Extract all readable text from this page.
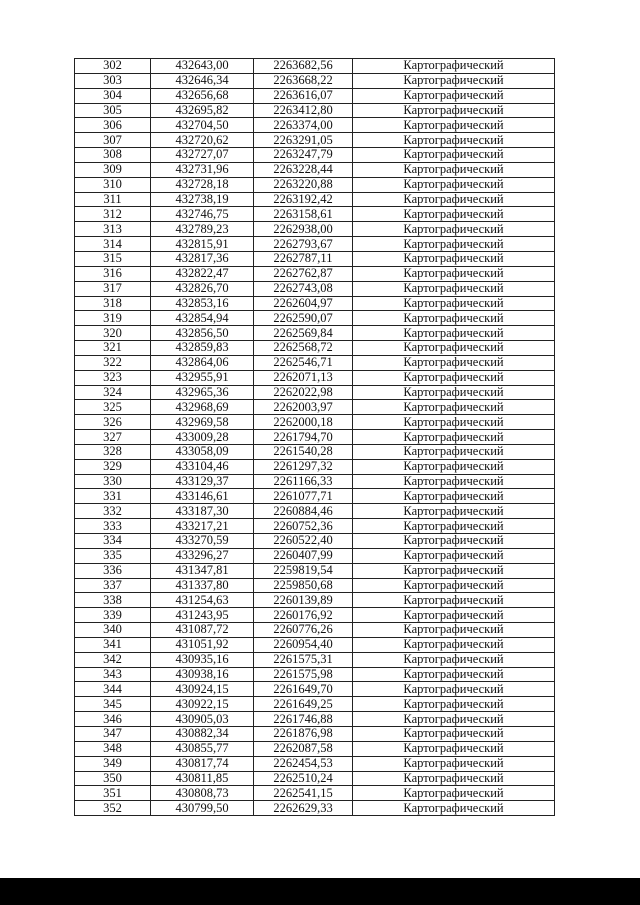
302	432643,00	2263682,56	Картографический
303	432646,34	2263668,22	Картографический
304	432656,68	2263616,07	Картографический
305	432695,82	2263412,80	Картографический
306	432704,50	2263374,00	Картографический
307	432720,62	2263291,05	Картографический
308	432727,07	2263247,79	Картографический
309	432731,96	2263228,44	Картографический
310	432728,18	2263220,88	Картографический
311	432738,19	2263192,42	Картографический
312	432746,75	2263158,61	Картографический
313	432789,23	2262938,00	Картографический
314	432815,91	2262793,67	Картографический
315	432817,36	2262787,11	Картографический
316	432822,47	2262762,87	Картографический
317	432826,70	2262743,08	Картографический
318	432853,16	2262604,97	Картографический
319	432854,94	2262590,07	Картографический
320	432856,50	2262569,84	Картографический
321	432859,83	2262568,72	Картографический
322	432864,06	2262546,71	Картографический
323	432955,91	2262071,13	Картографический
324	432965,36	2262022,98	Картографический
325	432968,69	2262003,97	Картографический
326	432969,58	2262000,18	Картографический
327	433009,28	2261794,70	Картографический
328	433058,09	2261540,28	Картографический
329	433104,46	2261297,32	Картографический
330	433129,37	2261166,33	Картографический
331	433146,61	2261077,71	Картографический
332	433187,30	2260884,46	Картографический
333	433217,21	2260752,36	Картографический
334	433270,59	2260522,40	Картографический
335	433296,27	2260407,99	Картографический
336	431347,81	2259819,54	Картографический
337	431337,80	2259850,68	Картографический
338	431254,63	2260139,89	Картографический
339	431243,95	2260176,92	Картографический
340	431087,72	2260776,26	Картографический
341	431051,92	2260954,40	Картографический
342	430935,16	2261575,31	Картографический
343	430938,16	2261575,98	Картографический
344	430924,15	2261649,70	Картографический
345	430922,15	2261649,25	Картографический
346	430905,03	2261746,88	Картографический
347	430882,34	2261876,98	Картографический
348	430855,77	2262087,58	Картографический
349	430817,74	2262454,53	Картографический
350	430811,85	2262510,24	Картографический
351	430808,73	2262541,15	Картографический
352	430799,50	2262629,33	Картографический
